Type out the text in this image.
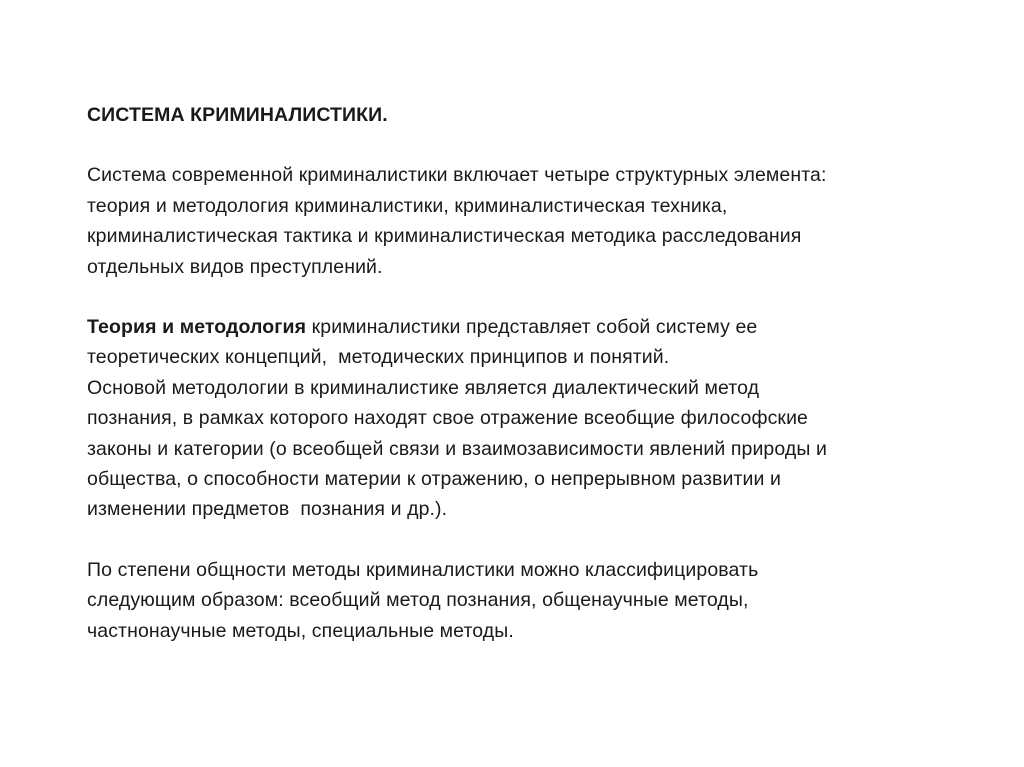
СИСТЕМА КРИМИНАЛИСТИКИ.
Система современной криминалистики включает четыре структурных элемента:
теория и методология криминалистики, криминалистическая техника,
криминалистическая тактика и криминалистическая методика расследования
отдельных видов преступлений.
Теория и методология криминалистики представляет собой систему ее
теоретических концепций,  методических принципов и понятий.
Основой методологии в криминалистике является диалектический метод
познания, в рамках которого находят свое отражение всеобщие философские
законы и категории (о всеобщей связи и взаимозависимости явлений природы и
общества, о способности материи к отражению, о непрерывном развитии и
изменении предметов  познания и др.).
По степени общности методы криминалистики можно классифицировать
следующим образом: всеобщий метод познания, общенаучные методы,
частнонаучные методы, специальные методы.
